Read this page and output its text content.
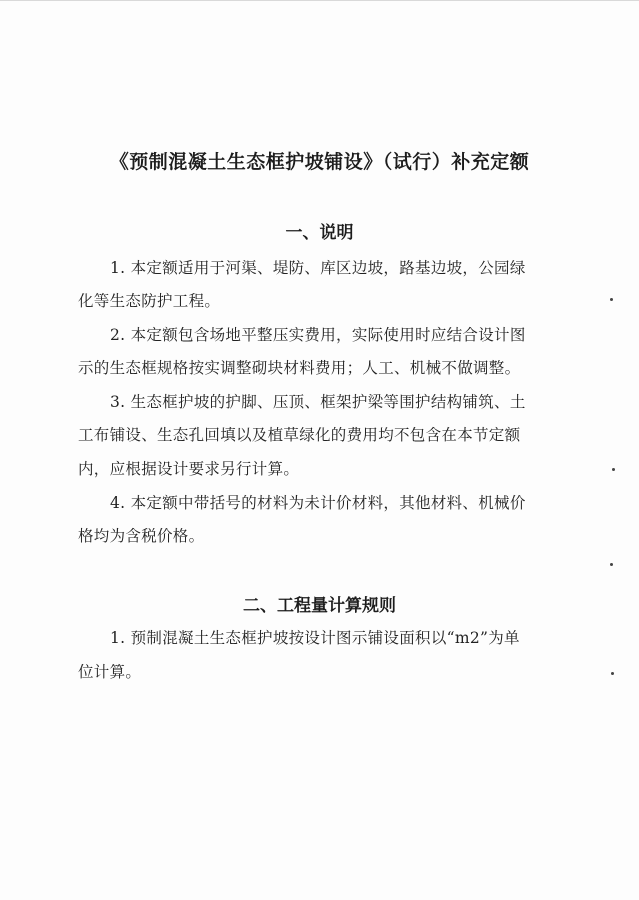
《预制混凝土生态框护坡铺设》（试行）补充定额
一、说明
1. 本定额适用于河渠、堤防、库区边坡，路基边坡，公园绿
化等生态防护工程。
2. 本定额包含场地平整压实费用，实际使用时应结合设计图
示的生态框规格按实调整砌块材料费用；人工、机械不做调整。
3. 生态框护坡的护脚、压顶、框架护梁等围护结构铺筑、土
工布铺设、生态孔回填以及植草绿化的费用均不包含在本节定额
内，应根据设计要求另行计算。
4. 本定额中带括号的材料为未计价材料，其他材料、机械价
格均为含税价格。
二、工程量计算规则
1. 预制混凝土生态框护坡按设计图示铺设面积以“m2”为单
位计算。
